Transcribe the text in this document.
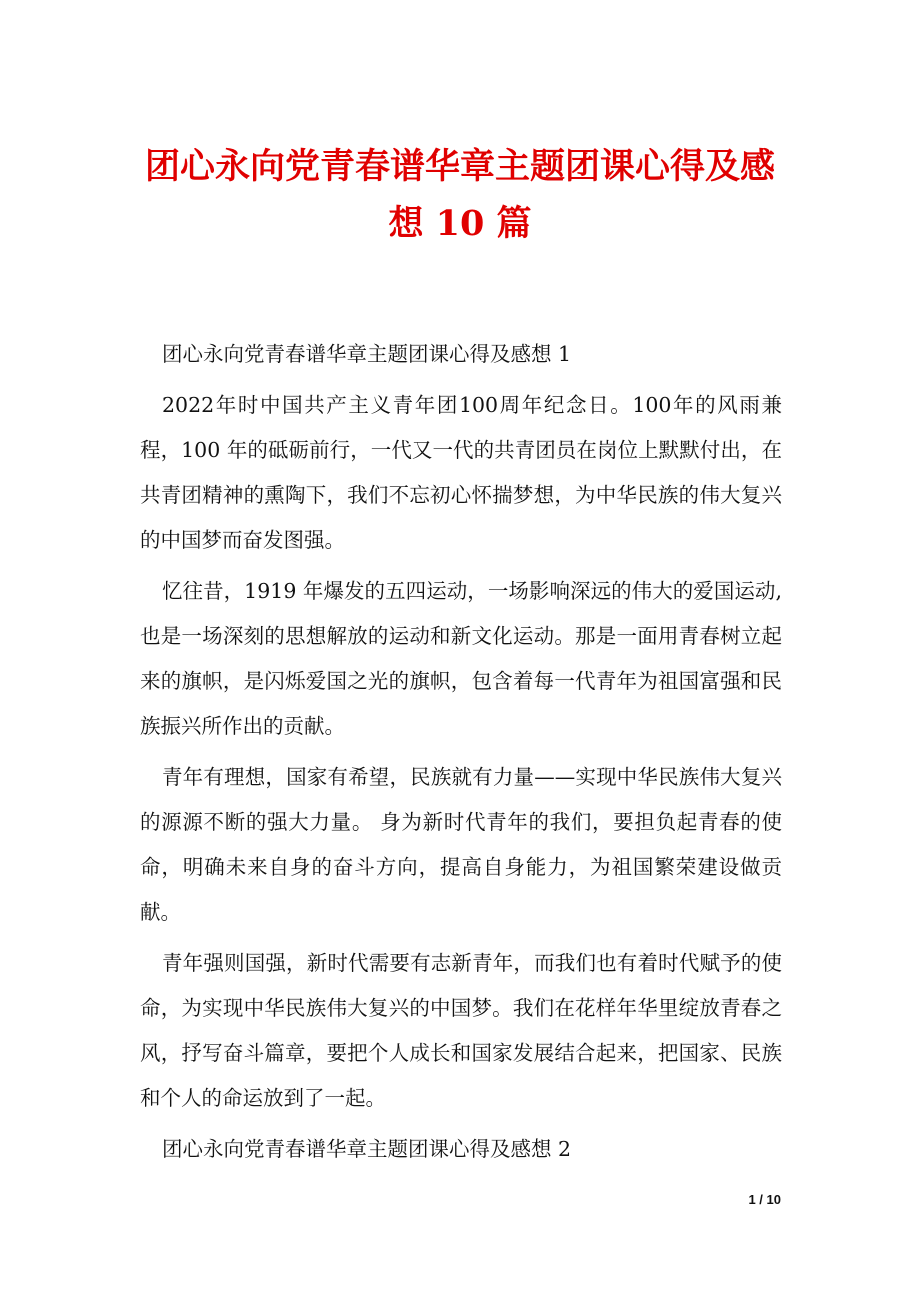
团心永向党青春谱华章主题团课心得及感
想 10 篇

团心永向党青春谱华章主题团课心得及感想 1

2022年时中国共产主义青年团100周年纪念日。100年的风雨兼程，100 年的砥砺前行，一代又一代的共青团员在岗位上默默付出，在共青团精神的熏陶下，我们不忘初心怀揣梦想，为中华民族的伟大复兴的中国梦而奋发图强。

忆往昔，1919 年爆发的五四运动，一场影响深远的伟大的爱国运动,也是一场深刻的思想解放的运动和新文化运动。那是一面用青春树立起来的旗帜，是闪烁爱国之光的旗帜，包含着每一代青年为祖国富强和民族振兴所作出的贡献。

青年有理想，国家有希望，民族就有力量——实现中华民族伟大复兴的源源不断的强大力量。 身为新时代青年的我们，要担负起青春的使命，明确未来自身的奋斗方向，提高自身能力，为祖国繁荣建设做贡献。

青年强则国强，新时代需要有志新青年，而我们也有着时代赋予的使命，为实现中华民族伟大复兴的中国梦。我们在花样年华里绽放青春之风，抒写奋斗篇章，要把个人成长和国家发展结合起来，把国家、民族和个人的命运放到了一起。

团心永向党青春谱华章主题团课心得及感想 2

1 / 10
